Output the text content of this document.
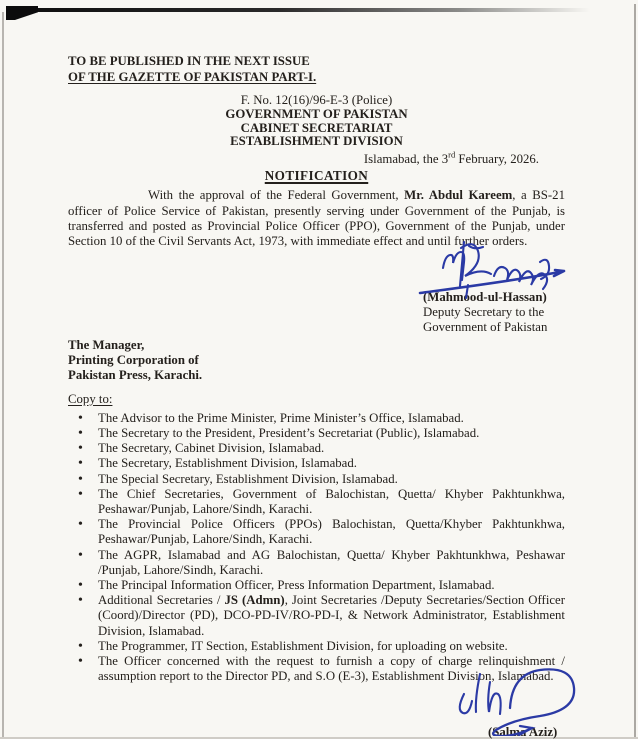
TO BE PUBLISHED IN THE NEXT ISSUE
OF THE GAZETTE OF PAKISTAN PART-I.
F. No. 12(16)/96-E-3 (Police)
GOVERNMENT OF PAKISTAN
CABINET SECRETARIAT
ESTABLISHMENT DIVISION
Islamabad, the 3rd February, 2026.
NOTIFICATION

With the approval of the Federal Government, Mr. Abdul Kareem, a BS-21 officer of Police Service of Pakistan, presently serving under Government of the Punjab, is transferred and posted as Provincial Police Officer (PPO), Government of the Punjab, under Section 10 of the Civil Servants Act, 1973, with immediate effect and until further orders.

(Mahmood-ul-Hassan)
Deputy Secretary to the
Government of Pakistan
The Manager,
Printing Corporation of
Pakistan Press, Karachi.
Copy to:
• The Advisor to the Prime Minister, Prime Minister’s Office, Islamabad.
• The Secretary to the President, President’s Secretariat (Public), Islamabad.
• The Secretary, Cabinet Division, Islamabad.
• The Secretary, Establishment Division, Islamabad.
• The Special Secretary, Establishment Division, Islamabad.
• The Chief Secretaries, Government of Balochistan, Quetta/ Khyber Pakhtunkhwa, Peshawar/Punjab, Lahore/Sindh, Karachi.
• The Provincial Police Officers (PPOs) Balochistan, Quetta/Khyber Pakhtunkhwa, Peshawar/Punjab, Lahore/Sindh, Karachi.
• The AGPR, Islamabad and AG Balochistan, Quetta/ Khyber Pakhtunkhwa, Peshawar /Punjab, Lahore/Sindh, Karachi.
• The Principal Information Officer, Press Information Department, Islamabad.
• Additional Secretaries / JS (Admn), Joint Secretaries /Deputy Secretaries/Section Officer (Coord)/Director (PD), DCO-PD-IV/RO-PD-I, & Network Administrator, Establishment Division, Islamabad.
• The Programmer, IT Section, Establishment Division, for uploading on website.
• The Officer concerned with the request to furnish a copy of charge relinquishment / assumption report to the Director PD, and S.O (E-3), Establishment Division, Islamabad.
(Salma Aziz)
